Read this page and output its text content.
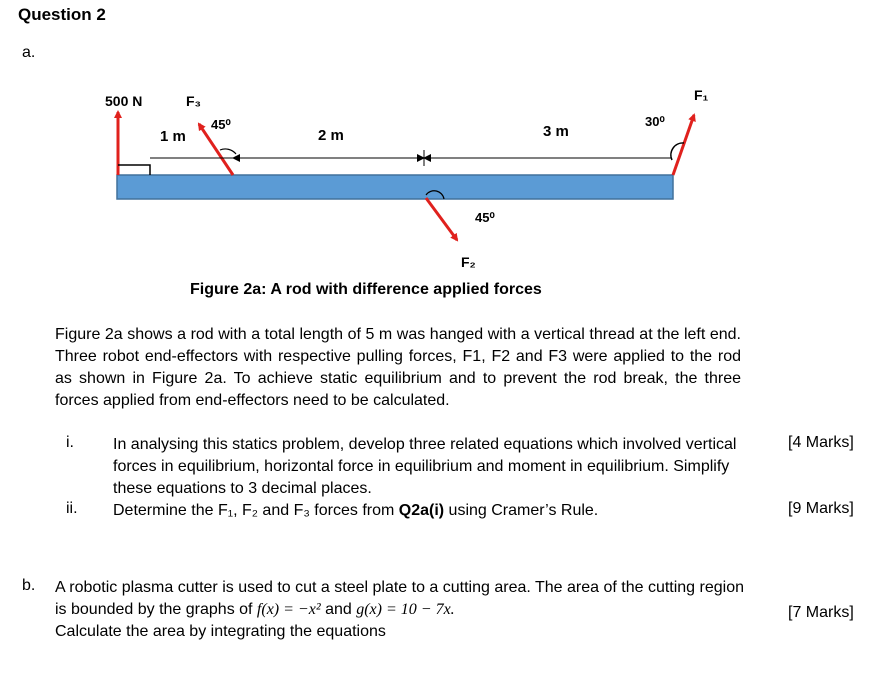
Question 2
a.
500 N	F₃
1 m
45⁰
2 m	3 m
30⁰
F₁
45⁰
F₂
Figure 2a: A rod with difference applied forces
Figure 2a shows a rod with a total length of 5 m was hanged with a vertical thread at the left end. Three robot end-effectors with respective pulling forces, F1, F2 and F3 were applied to the rod as shown in Figure 2a. To achieve static equilibrium and to prevent the rod break, the three forces applied from end-effectors need to be calculated.
i. In analysing this statics problem, develop three related equations which involved vertical forces in equilibrium, horizontal force in equilibrium and moment in equilibrium. Simplify these equations to 3 decimal places.
[4 Marks]
ii. Determine the F₁, F₂ and F₃ forces from Q2a(i) using Cramer’s Rule.	[9 Marks]
b. A robotic plasma cutter is used to cut a steel plate to a cutting area. The area of the cutting region is bounded by the graphs of f(x) = −x² and g(x) = 10 − 7x.
Calculate the area by integrating the equations
[7 Marks]
